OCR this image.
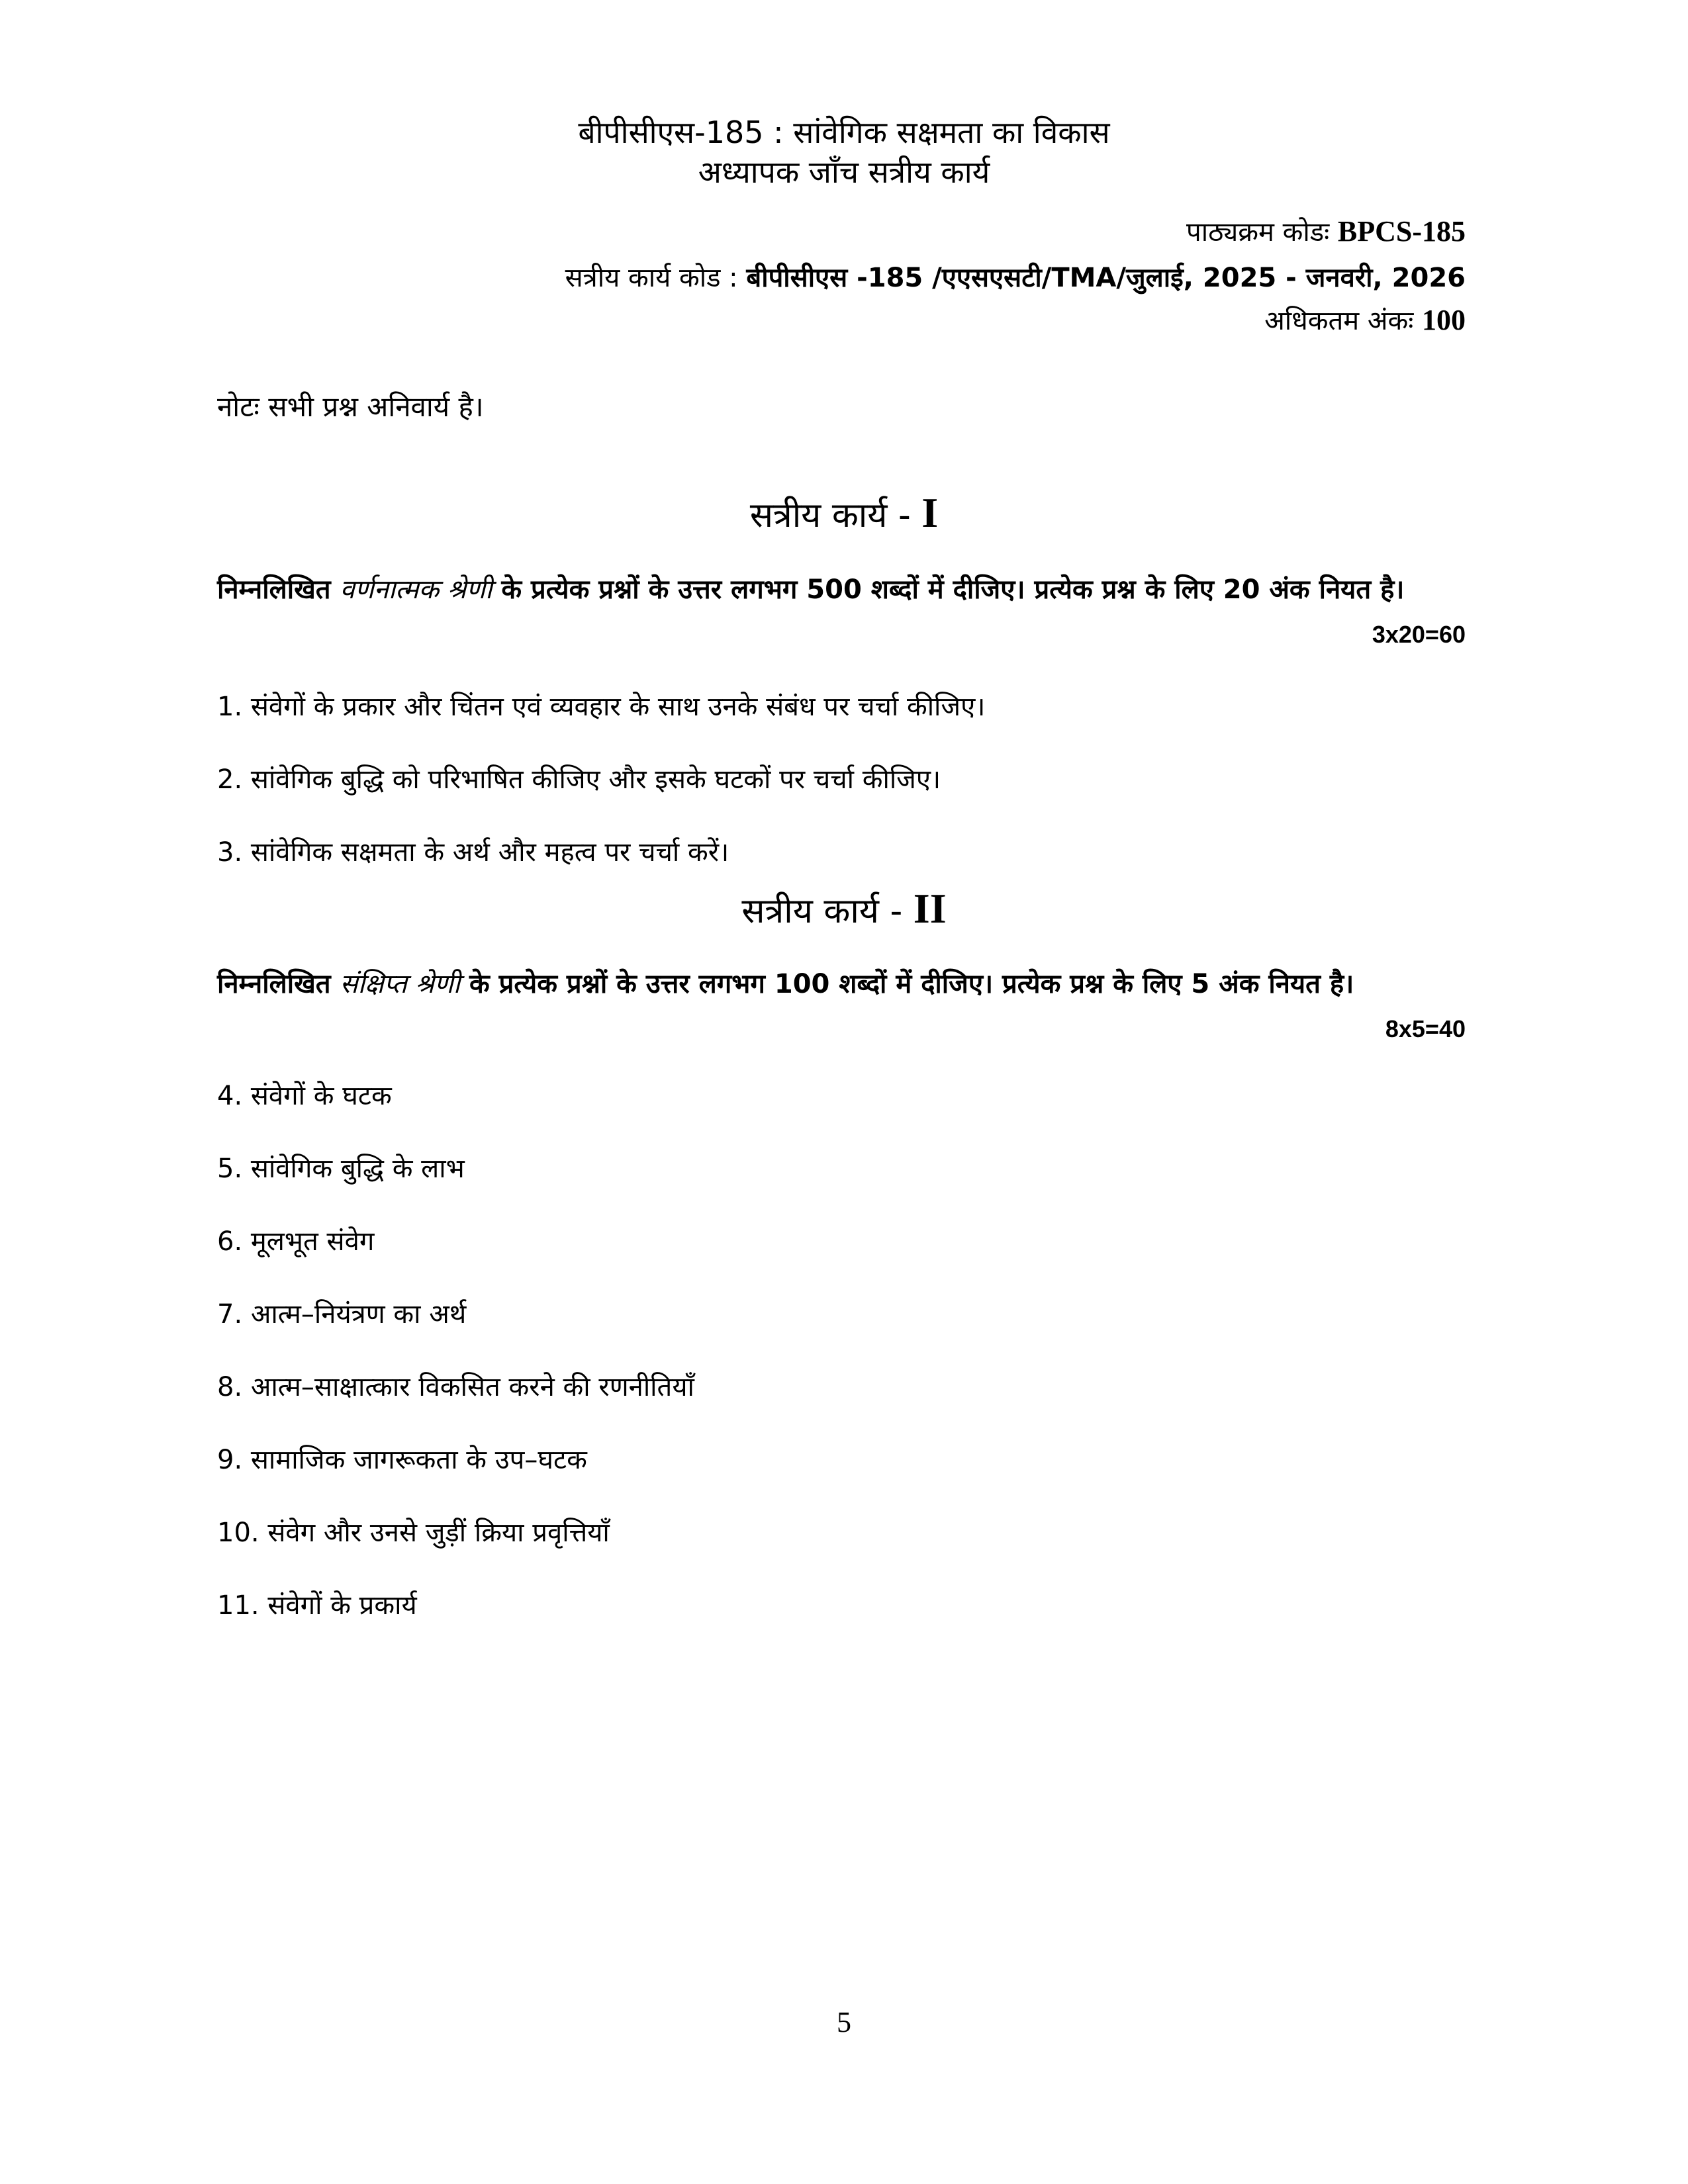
बीपीसीएस-185 : सांवेगिक सक्षमता का विकास
अध्यापक जाँच सत्रीय कार्य
पाठ्यक्रम कोडः BPCS-185
सत्रीय कार्य कोड : बीपीसीएस -185 /एएसएसटी/TMA/जुलाई, 2025 - जनवरी, 2026
अधिकतम अंकः 100
नोटः सभी प्रश्न अनिवार्य है।
सत्रीय कार्य - I
निम्नलिखित वर्णनात्मक श्रेणी के प्रत्येक प्रश्नों के उत्तर लगभग 500 शब्दों में दीजिए। प्रत्येक प्रश्न के लिए 20 अंक नियत है।
3x20=60
1. संवेगों के प्रकार और चिंतन एवं व्यवहार के साथ उनके संबंध पर चर्चा कीजिए।
2. सांवेगिक बुद्धि को परिभाषित कीजिए और इसके घटकों पर चर्चा कीजिए।
3. सांवेगिक सक्षमता के अर्थ और महत्व पर चर्चा करें।
सत्रीय कार्य - II
निम्नलिखित संक्षिप्त श्रेणी के प्रत्येक प्रश्नों के उत्तर लगभग 100 शब्दों में दीजिए। प्रत्येक प्रश्न के लिए 5 अंक नियत है।
8x5=40
4. संवेगों के घटक
5. सांवेगिक बुद्धि के लाभ
6. मूलभूत संवेग
7. आत्म–नियंत्रण का अर्थ
8. आत्म–साक्षात्कार विकसित करने की रणनीतियाँ
9. सामाजिक जागरूकता के उप–घटक
10. संवेग और उनसे जुड़ीं क्रिया प्रवृत्तियाँ
11. संवेगों के प्रकार्य
5
